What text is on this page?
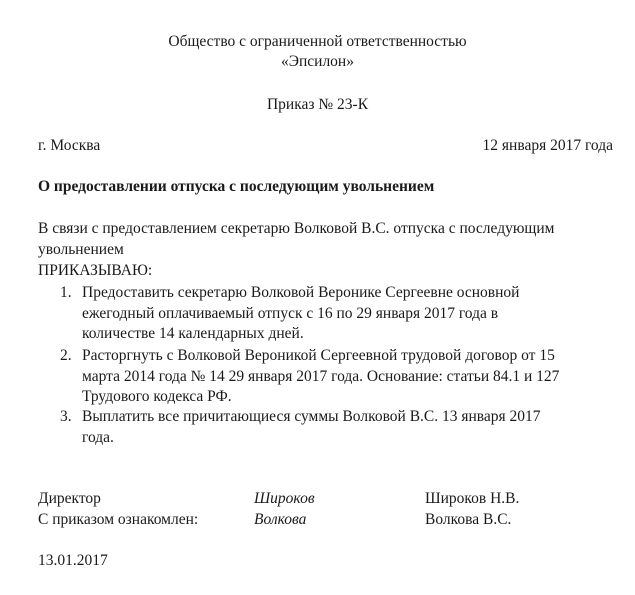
Общество с ограниченной ответственностью
«Эпсилон»
Приказ № 23-К
г. Москва	12 января 2017 года
О предоставлении отпуска с последующим увольнением
В связи с предоставлением секретарю Волковой В.С. отпуска с последующим
увольнением
ПРИКАЗЫВАЮ:
1. Предоставить секретарю Волковой Веронике Сергеевне основной
ежегодный оплачиваемый отпуск с 16 по 29 января 2017 года в
количестве 14 календарных дней.
2. Расторгнуть с Волковой Вероникой Сергеевной трудовой договор от 15
марта 2014 года № 14 29 января 2017 года. Основание: статьи 84.1 и 127
Трудового кодекса РФ.
3. Выплатить все причитающиеся суммы Волковой В.С. 13 января 2017
года.
Директор	Широков	Широков Н.В.
С приказом ознакомлен:	Волкова	Волкова В.С.
13.01.2017
